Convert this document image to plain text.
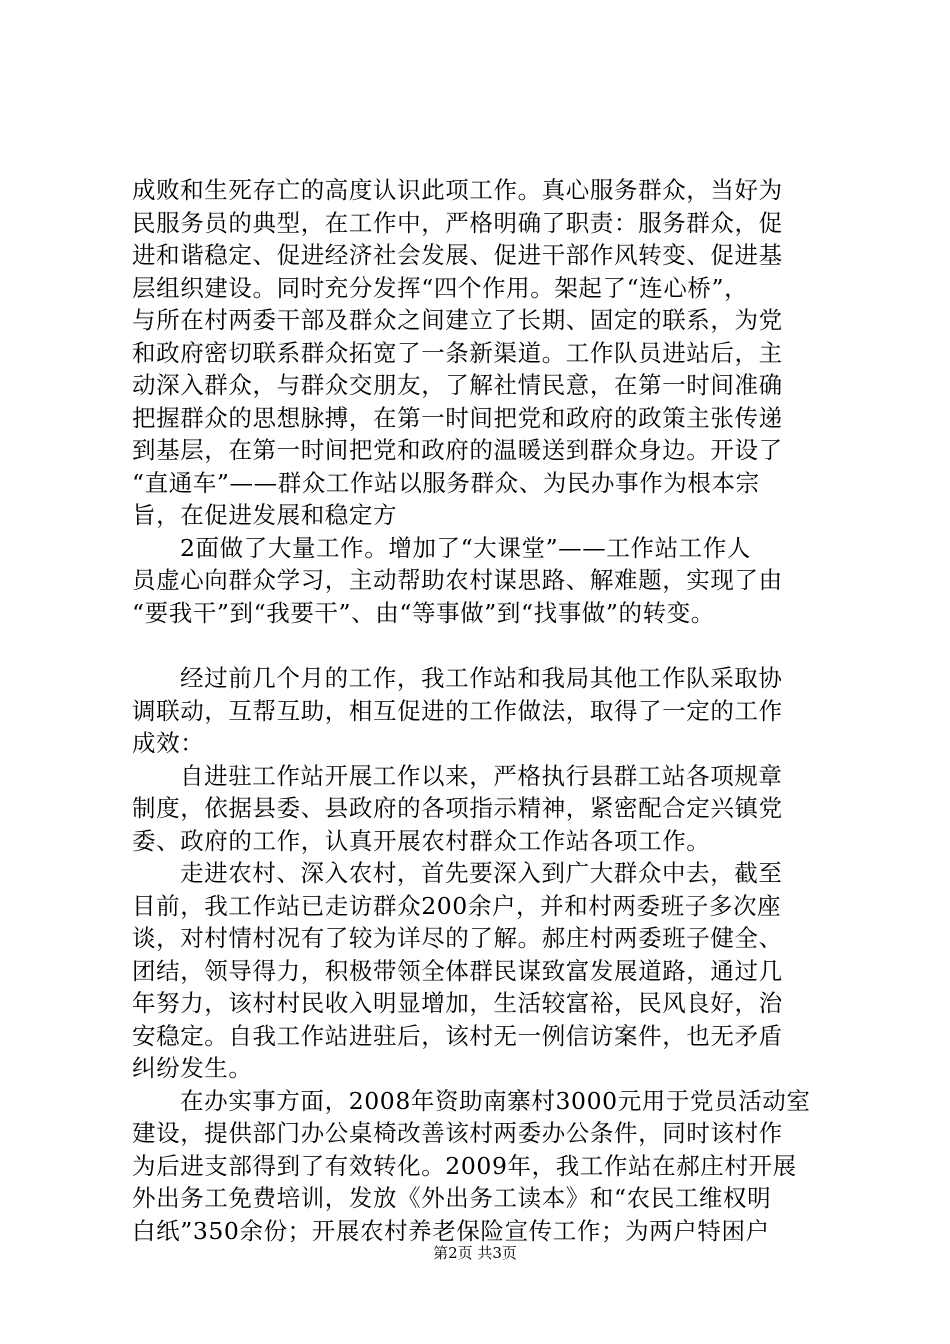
成败和生死存亡的高度认识此项工作。真心服务群众，当好为
民服务员的典型，在工作中，严格明确了职责：服务群众，促
进和谐稳定、促进经济社会发展、促进干部作风转变、促进基
层组织建设。同时充分发挥“四个作用。架起了“连心桥”，
与所在村两委干部及群众之间建立了长期、固定的联系，为党
和政府密切联系群众拓宽了一条新渠道。工作队员进站后，主
动深入群众，与群众交朋友，了解社情民意，在第一时间准确
把握群众的思想脉搏，在第一时间把党和政府的政策主张传递
到基层，在第一时间把党和政府的温暖送到群众身边。开设了
“直通车”——群众工作站以服务群众、为民办事作为根本宗
旨，在促进发展和稳定方
2面做了大量工作。增加了“大课堂”——工作站工作人
员虚心向群众学习，主动帮助农村谋思路、解难题，实现了由
“要我干”到“我要干”、由“等事做”到“找事做”的转变。
经过前几个月的工作，我工作站和我局其他工作队采取协
调联动，互帮互助，相互促进的工作做法，取得了一定的工作
成效：
自进驻工作站开展工作以来，严格执行县群工站各项规章
制度，依据县委、县政府的各项指示精神，紧密配合定兴镇党
委、政府的工作，认真开展农村群众工作站各项工作。
走进农村、深入农村，首先要深入到广大群众中去，截至
目前，我工作站已走访群众200余户，并和村两委班子多次座
谈，对村情村况有了较为详尽的了解。郝庄村两委班子健全、
团结，领导得力，积极带领全体群民谋致富发展道路，通过几
年努力，该村村民收入明显增加，生活较富裕，民风良好，治
安稳定。自我工作站进驻后，该村无一例信访案件，也无矛盾
纠纷发生。
在办实事方面，2008年资助南寨村3000元用于党员活动室
建设，提供部门办公桌椅改善该村两委办公条件，同时该村作
为后进支部得到了有效转化。2009年，我工作站在郝庄村开展
外出务工免费培训，发放《外出务工读本》和“农民工维权明
白纸”350余份；开展农村养老保险宣传工作；为两户特困户
第2页 共3页
